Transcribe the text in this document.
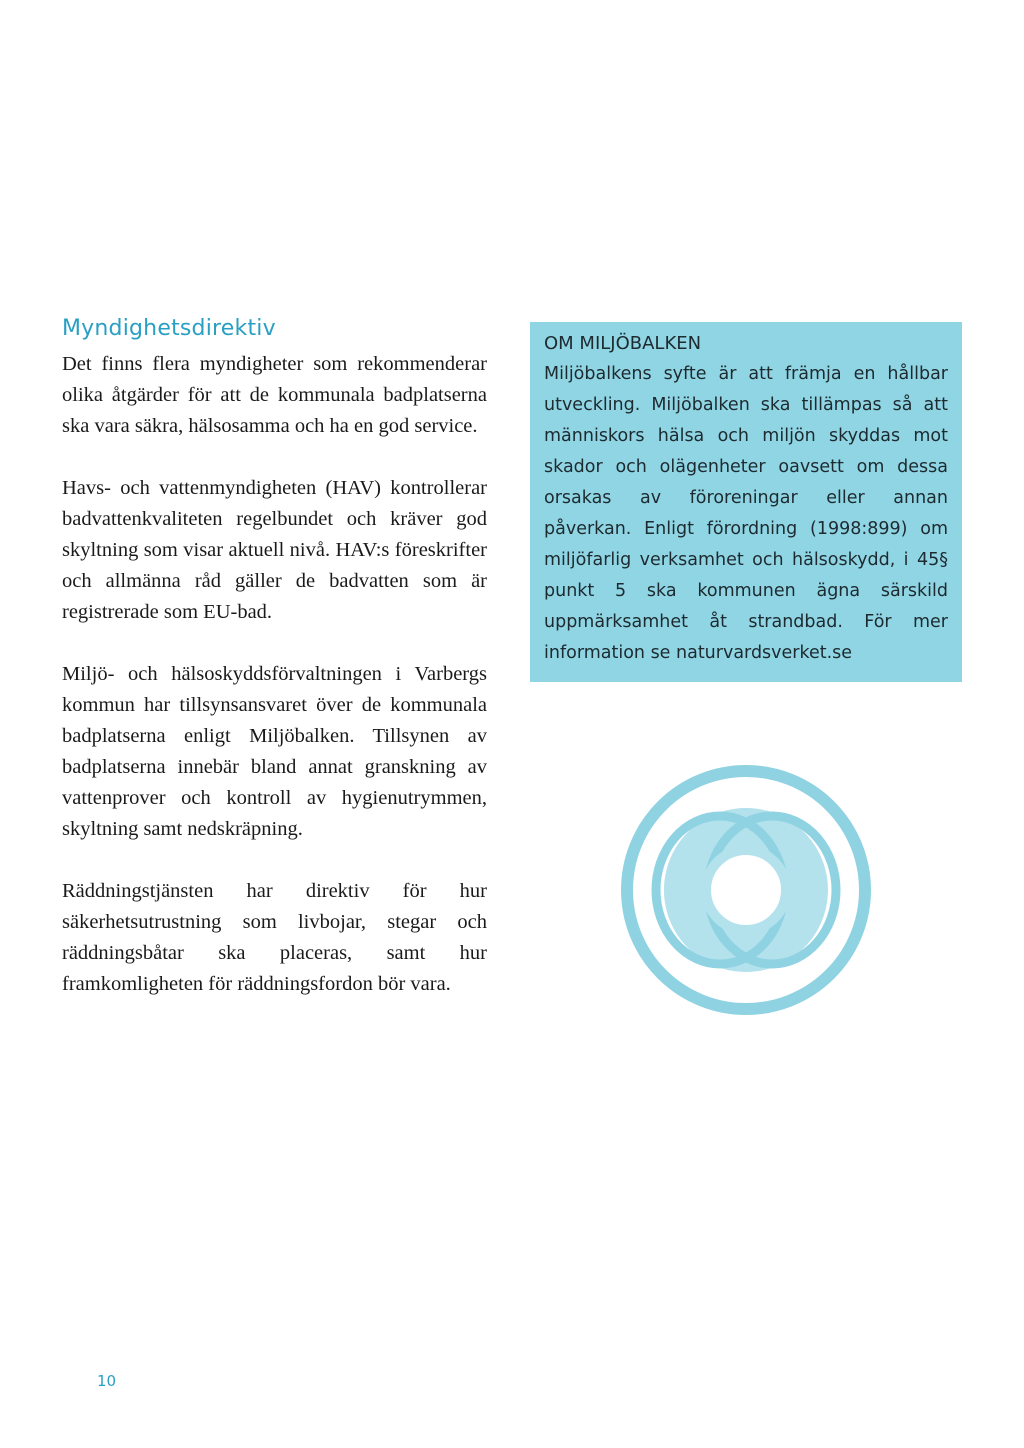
Myndighetsdirektiv

Det finns flera myndigheter som rekommenderar olika åtgärder för att de kommunala badplatserna ska vara säkra, hälsosamma och ha en god service.

Havs- och vattenmyndigheten (HAV) kontrollerar badvattenkvaliteten regelbundet och kräver god skyltning som visar aktuell nivå. HAV:s föreskrifter och allmänna råd gäller de badvatten som är registrerade som EU-bad.

Miljö- och hälsoskyddsförvaltningen i Varbergs kommun har tillsynsansvaret över de kommunala badplatserna enligt Miljöbalken. Tillsynen av badplatserna innebär bland annat granskning av vattenprover och kontroll av hygienutrymmen, skyltning samt nedskräpning.

Räddningstjänsten har direktiv för hur säkerhetsutrustning som livbojar, stegar och räddningsbåtar ska placeras, samt hur framkomligheten för räddningsfordon bör vara.

OM MILJÖBALKEN

Miljöbalkens syfte är att främja en hållbar utveckling. Miljöbalken ska tillämpas så att människors hälsa och miljön skyddas mot skador och olägenheter oavsett om dessa orsakas av föroreningar eller annan påverkan. Enligt förordning (1998:899) om miljöfarlig verksamhet och hälsoskydd, i 45§ punkt 5 ska kommunen ägna särskild uppmärksamhet åt strandbad. För mer information se naturvardsverket.se

10
